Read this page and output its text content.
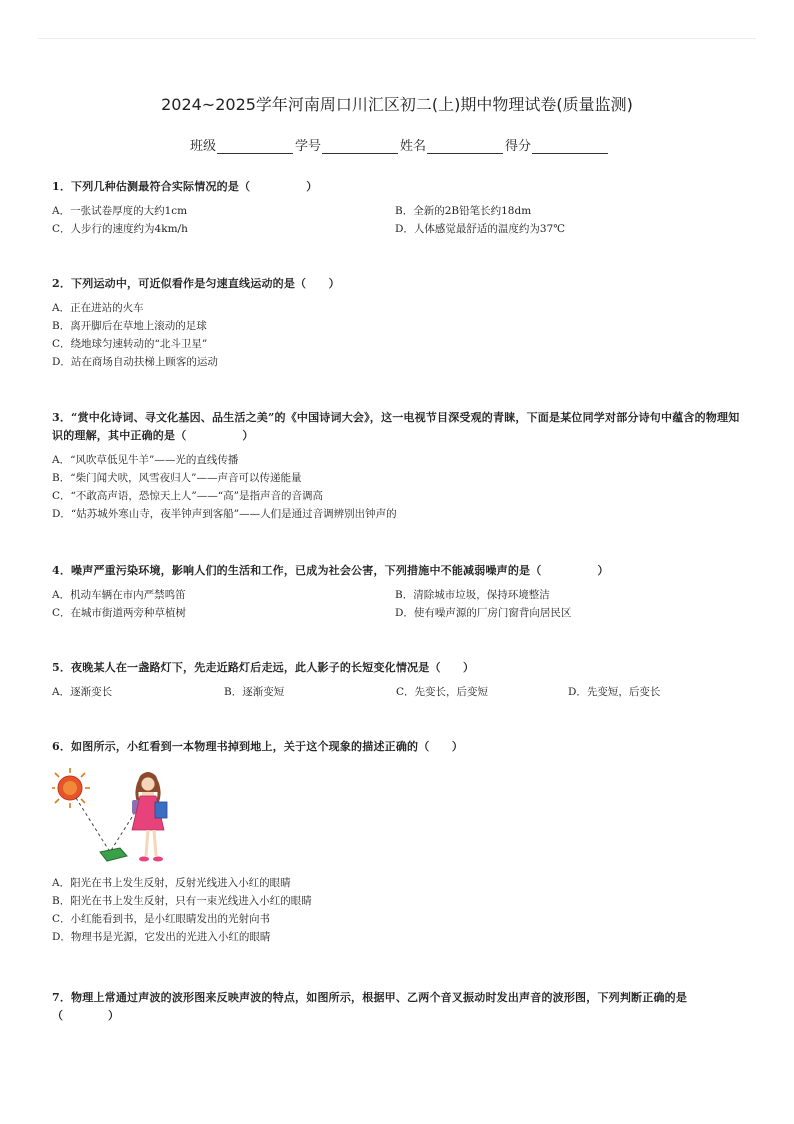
2024~2025学年河南周口川汇区初二(上)期中物理试卷(质量监测)
班级	学号	姓名	得分
1．下列几种估测最符合实际情况的是（　　　　　）
A．一张试卷厚度的大约1cm	B．全新的2B铅笔长约18dm
C．人步行的速度约为4km/h	D．人体感觉最舒适的温度约为37℃
2．下列运动中，可近似看作是匀速直线运动的是（　　）
A．正在进站的火车
B．离开脚后在草地上滚动的足球
C．绕地球匀速转动的“北斗卫星”
D．站在商场自动扶梯上顾客的运动
3．“赏中化诗词、寻文化基因、品生活之美”的《中国诗词大会》，这一电视节目深受观的青睐，下面是某位同学对部分诗句中蕴含的物理知识的理解，其中正确的是（　　　　　）
A．“风吹草低见牛羊”——光的直线传播
B．“柴门闻犬吠，风雪夜归人”——声音可以传递能量
C．“不敢高声语，恐惊天上人”——“高”是指声音的音调高
D．“姑苏城外寒山寺，夜半钟声到客船”——人们是通过音调辨别出钟声的
4．噪声严重污染环境，影响人们的生活和工作，已成为社会公害，下列措施中不能减弱噪声的是（　　　　　）
A．机动车辆在市内严禁鸣笛	B．清除城市垃圾，保持环境整洁
C．在城市街道两旁种草植树	D．使有噪声源的厂房门窗背向居民区
5．夜晚某人在一盏路灯下，先走近路灯后走远，此人影子的长短变化情况是（　　）
A．逐渐变长	B．逐渐变短	C．先变长，后变短	D．先变短，后变长
6．如图所示，小红看到一本物理书掉到地上，关于这个现象的描述正确的（　　）
A．阳光在书上发生反射，反射光线进入小红的眼睛
B．阳光在书上发生反射，只有一束光线进入小红的眼睛
C．小红能看到书，是小红眼睛发出的光射向书
D．物理书是光源，它发出的光进入小红的眼睛
7．物理上常通过声波的波形图来反映声波的特点，如图所示，根据甲、乙两个音叉振动时发出声音的波形图，下列判断正确的是（　　　　）
